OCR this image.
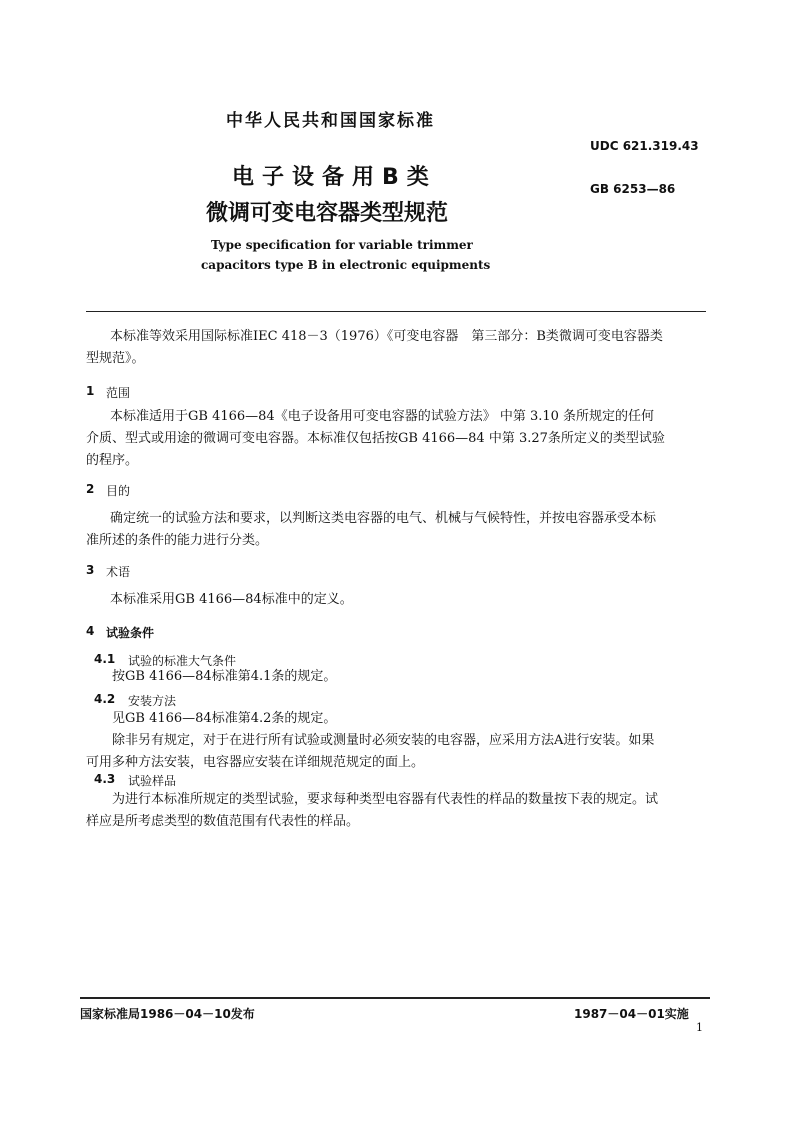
中华人民共和国国家标准
UDC 621.319.43
电子设备用B类	GB 6253—86
微调可变电容器类型规范
Type specification for variable trimmer
capacitors type B in electronic equipments
本标准等效采用国际标准IEC 418－3（1976）《可变电容器　第三部分：B类微调可变电容器类
型规范》。
1 范围
本标准适用于GB 4166—84《电子设备用可变电容器的试验方法》 中第 3.10 条所规定的任何
介质、型式或用途的微调可变电容器。本标准仅包括按GB 4166—84 中第 3.27条所定义的类型试验
的程序。
2 目的
确定统一的试验方法和要求，以判断这类电容器的电气、机械与气候特性，并按电容器承受本标
准所述的条件的能力进行分类。
3 术语
本标准采用GB 4166—84标准中的定义。
4 试验条件
4.1 试验的标准大气条件
按GB 4166—84标准第4.1条的规定。
4.2 安装方法
见GB 4166—84标准第4.2条的规定。
除非另有规定，对于在进行所有试验或测量时必须安装的电容器，应采用方法A进行安装。如果
可用多种方法安装，电容器应安装在详细规范规定的面上。
4.3 试验样品
为进行本标准所规定的类型试验，要求每种类型电容器有代表性的样品的数量按下表的规定。试
样应是所考虑类型的数值范围有代表性的样品。
国家标准局1986－04－10发布	1987－04－01实施
1
